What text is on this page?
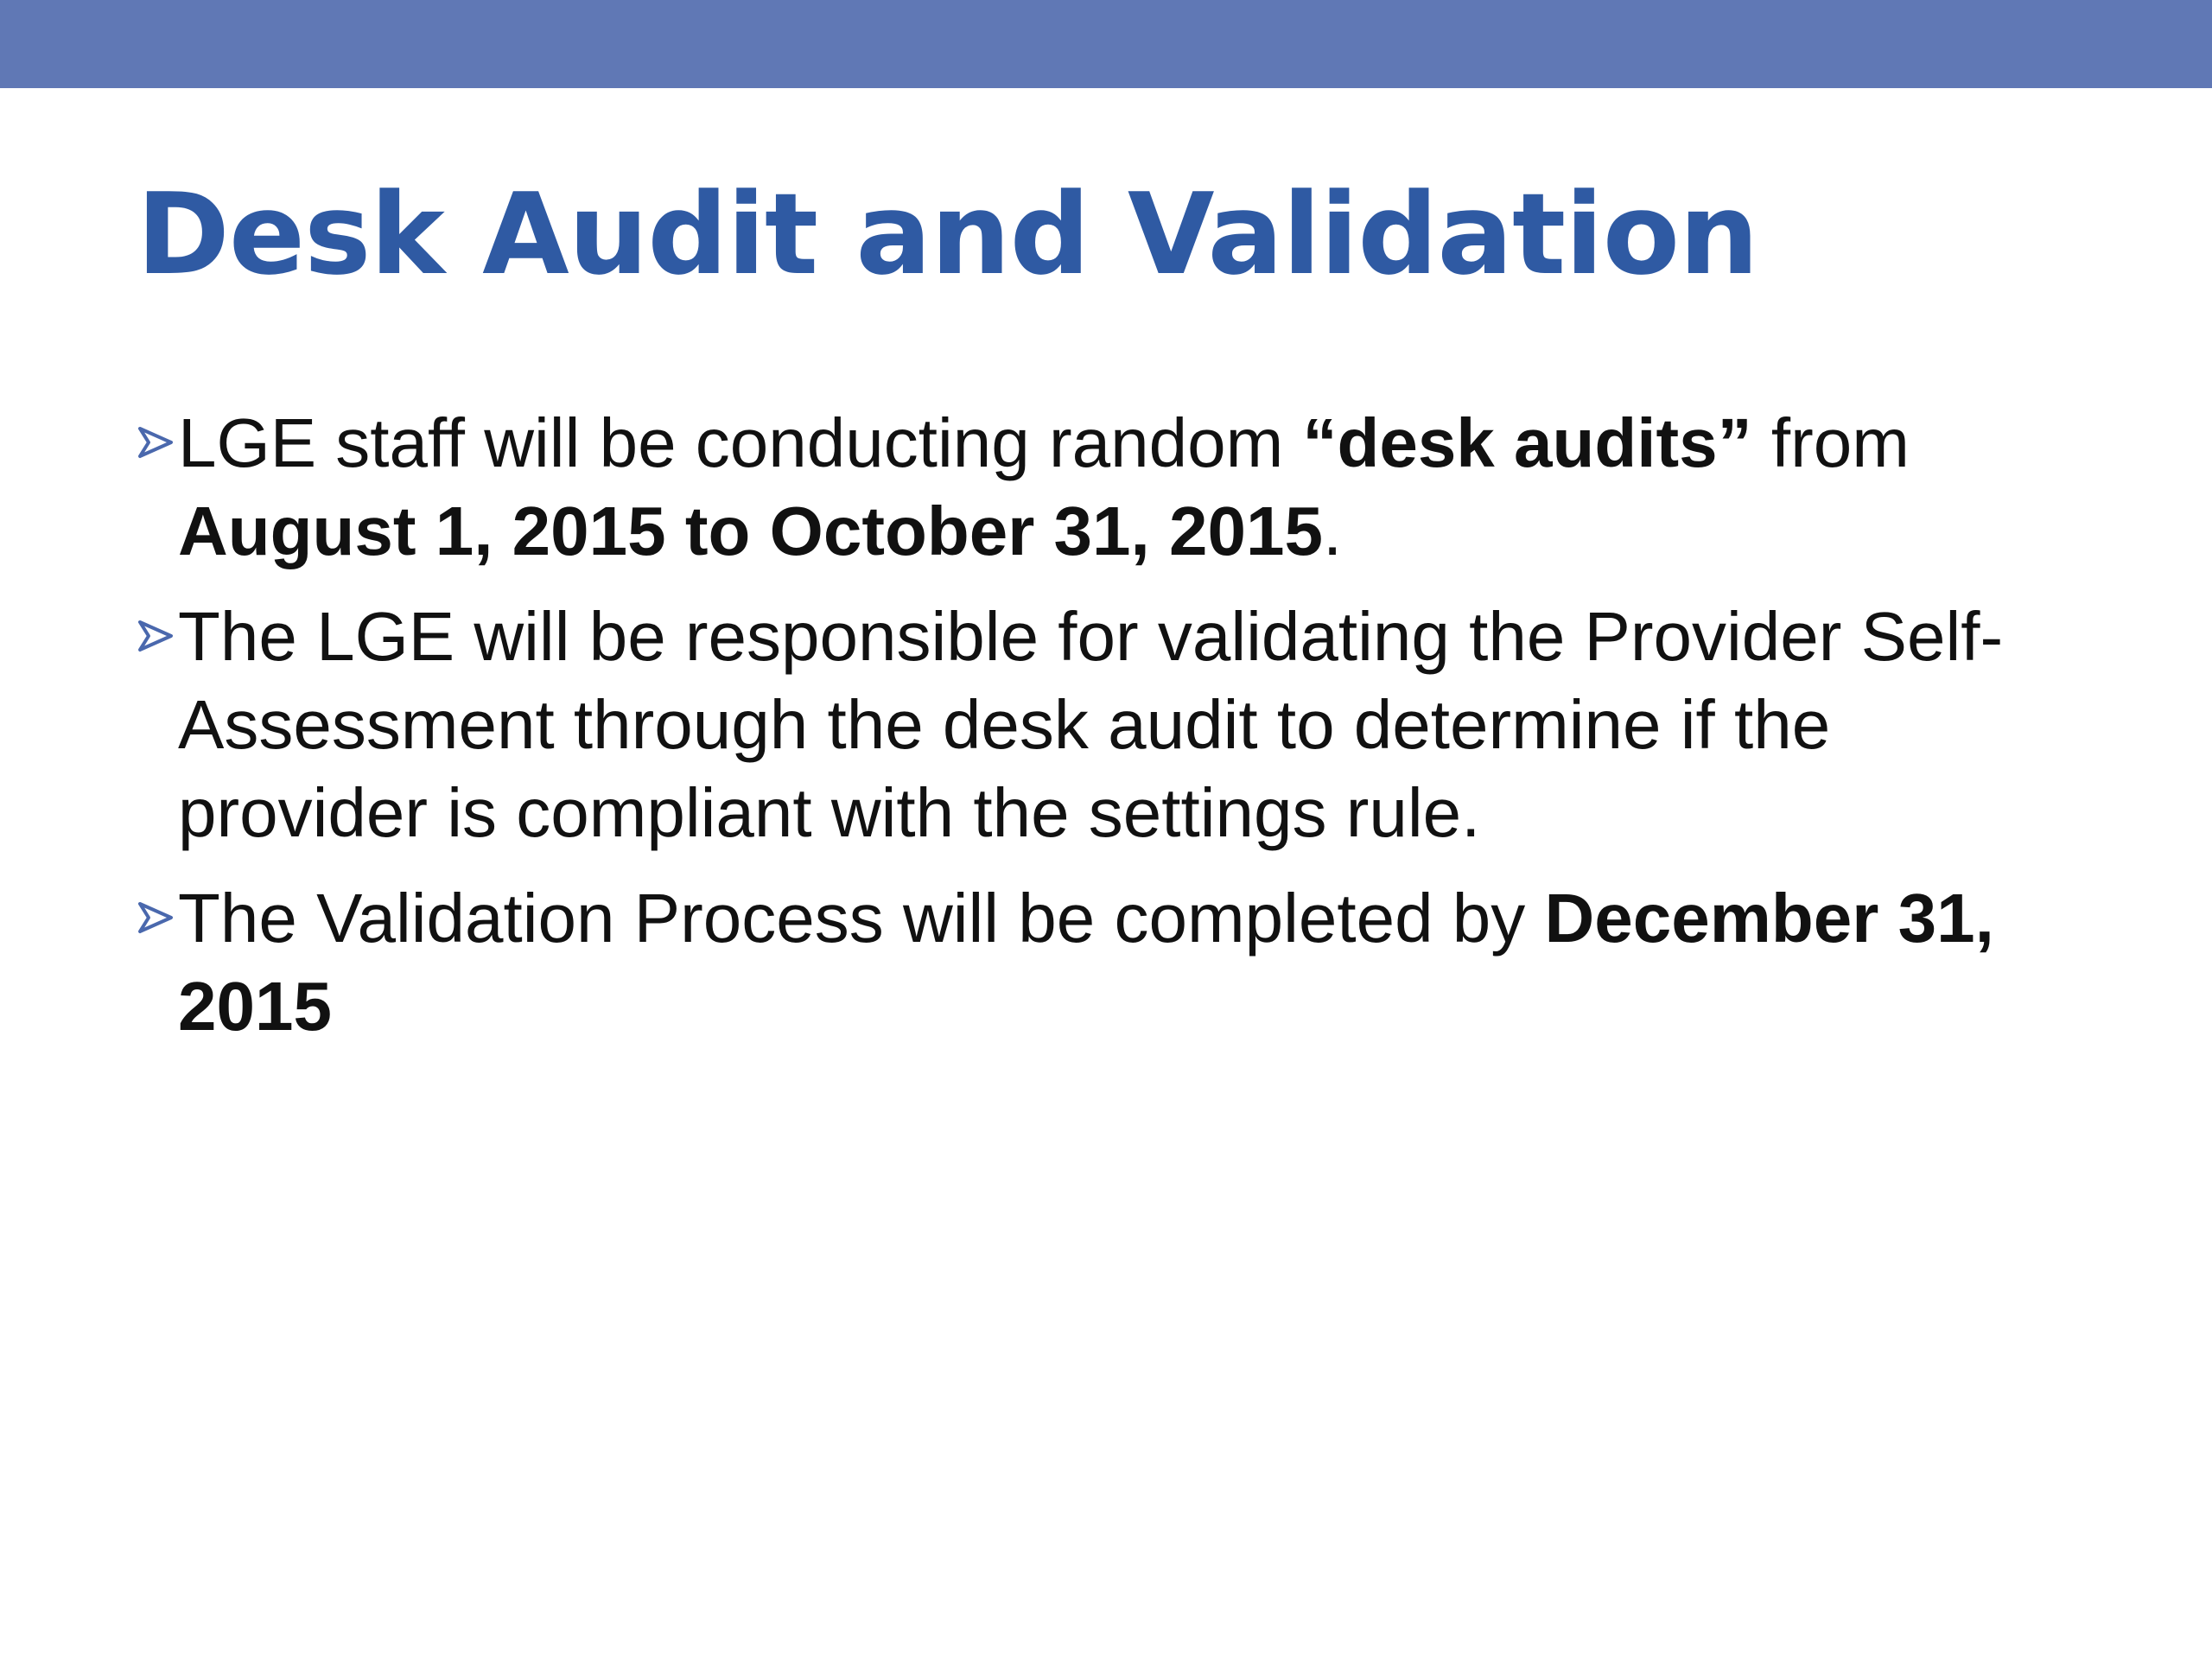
Desk Audit and Validation
LGE staff will be conducting random “desk audits” from August 1, 2015 to October 31, 2015.
The LGE will be responsible for validating the Provider Self-Assessment through the desk audit to determine if the provider is compliant with the settings rule.
The Validation Process will be completed by December 31, 2015
